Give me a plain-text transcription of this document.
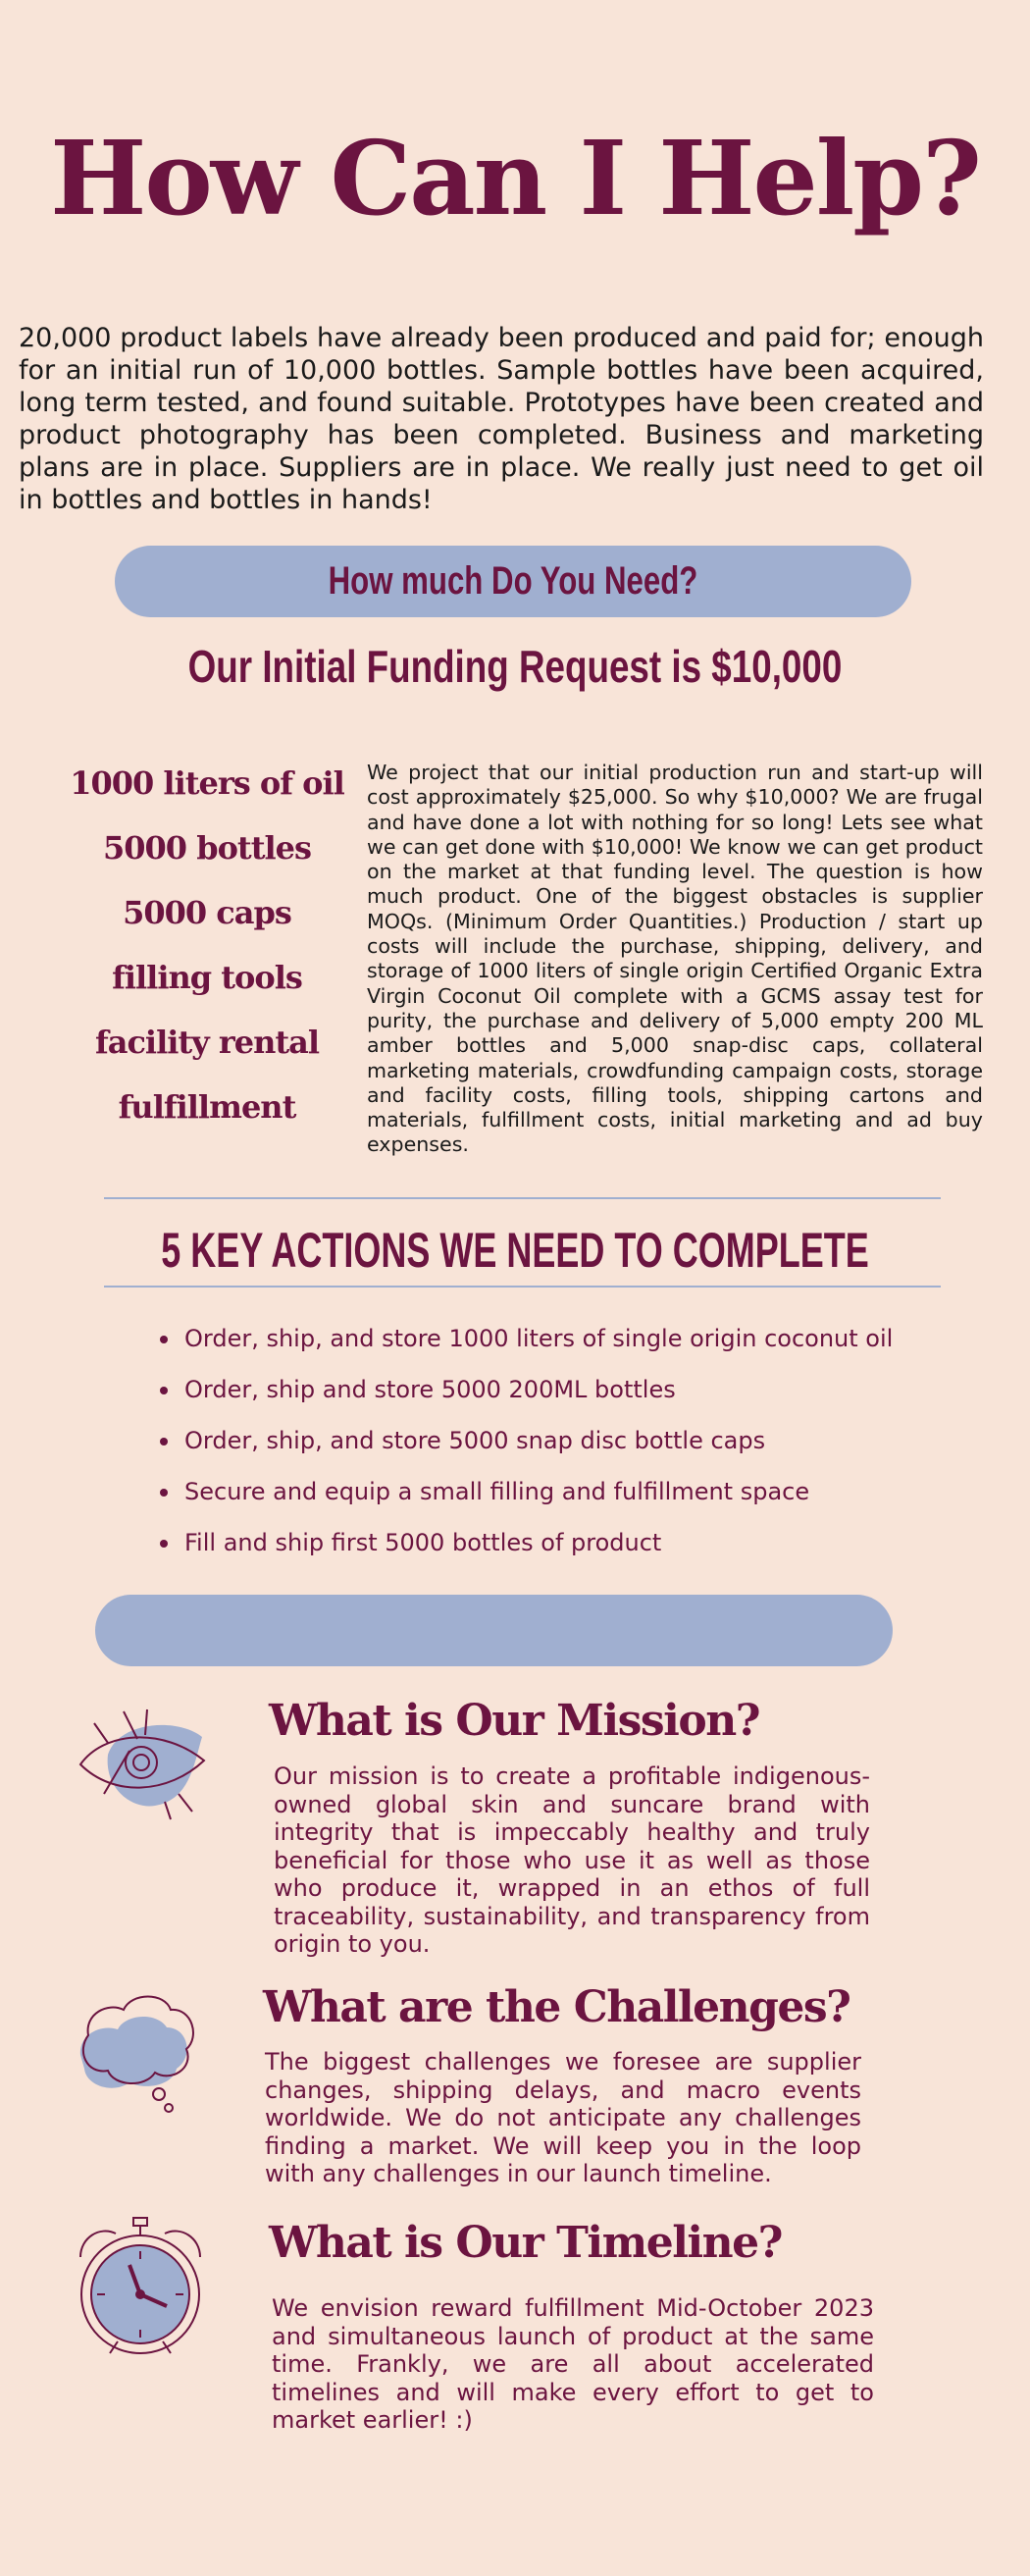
How Can I Help?

20,000 product labels have already been produced and paid for; enough for an initial run of 10,000 bottles. Sample bottles have been acquired, long term tested, and found suitable. Prototypes have been created and product photography has been completed. Business and marketing plans are in place. Suppliers are in place. We really just need to get oil in bottles and bottles in hands!

How much Do You Need?
Our Initial Funding Request is $10,000
1000 liters of oil
5000 bottles
5000 caps
filling tools
facility rental
fulfillment

We project that our initial production run and start-up will cost approximately $25,000. So why $10,000? We are frugal and have done a lot with nothing for so long! Lets see what we can get done with $10,000! We know we can get product on the market at that funding level. The question is how much product. One of the biggest obstacles is supplier MOQs. (Minimum Order Quantities.) Production / start up costs will include the purchase, shipping, delivery, and storage of 1000 liters of single origin Certified Organic Extra Virgin Coconut Oil complete with a GCMS assay test for purity, the purchase and delivery of 5,000 empty 200 ML amber bottles and 5,000 snap-disc caps, collateral marketing materials, crowdfunding campaign costs, storage and facility costs, filling tools, shipping cartons and materials, fulfillment costs, initial marketing and ad buy expenses.

5 KEY ACTIONS WE NEED TO COMPLETE
Order, ship, and store 1000 liters of single origin coconut oil
Order, ship and store 5000 200ML bottles
Order, ship, and store 5000 snap disc bottle caps
Secure and equip a small filling and fulfillment space
Fill and ship first 5000 bottles of product
What is Our Mission?

Our mission is to create a profitable indigenous-owned global skin and suncare brand with integrity that is impeccably healthy and truly beneficial for those who use it as well as those who produce it, wrapped in an ethos of full traceability, sustainability, and transparency from origin to you.

What are the Challenges?

The biggest challenges we foresee are supplier changes, shipping delays, and macro events worldwide. We do not anticipate any challenges finding a market. We will keep you in the loop with any challenges in our launch timeline.

What is Our Timeline?

We envision reward fulfillment Mid-October 2023 and simultaneous launch of product at the same time. Frankly, we are all about accelerated timelines and will make every effort to get to market earlier! :)
